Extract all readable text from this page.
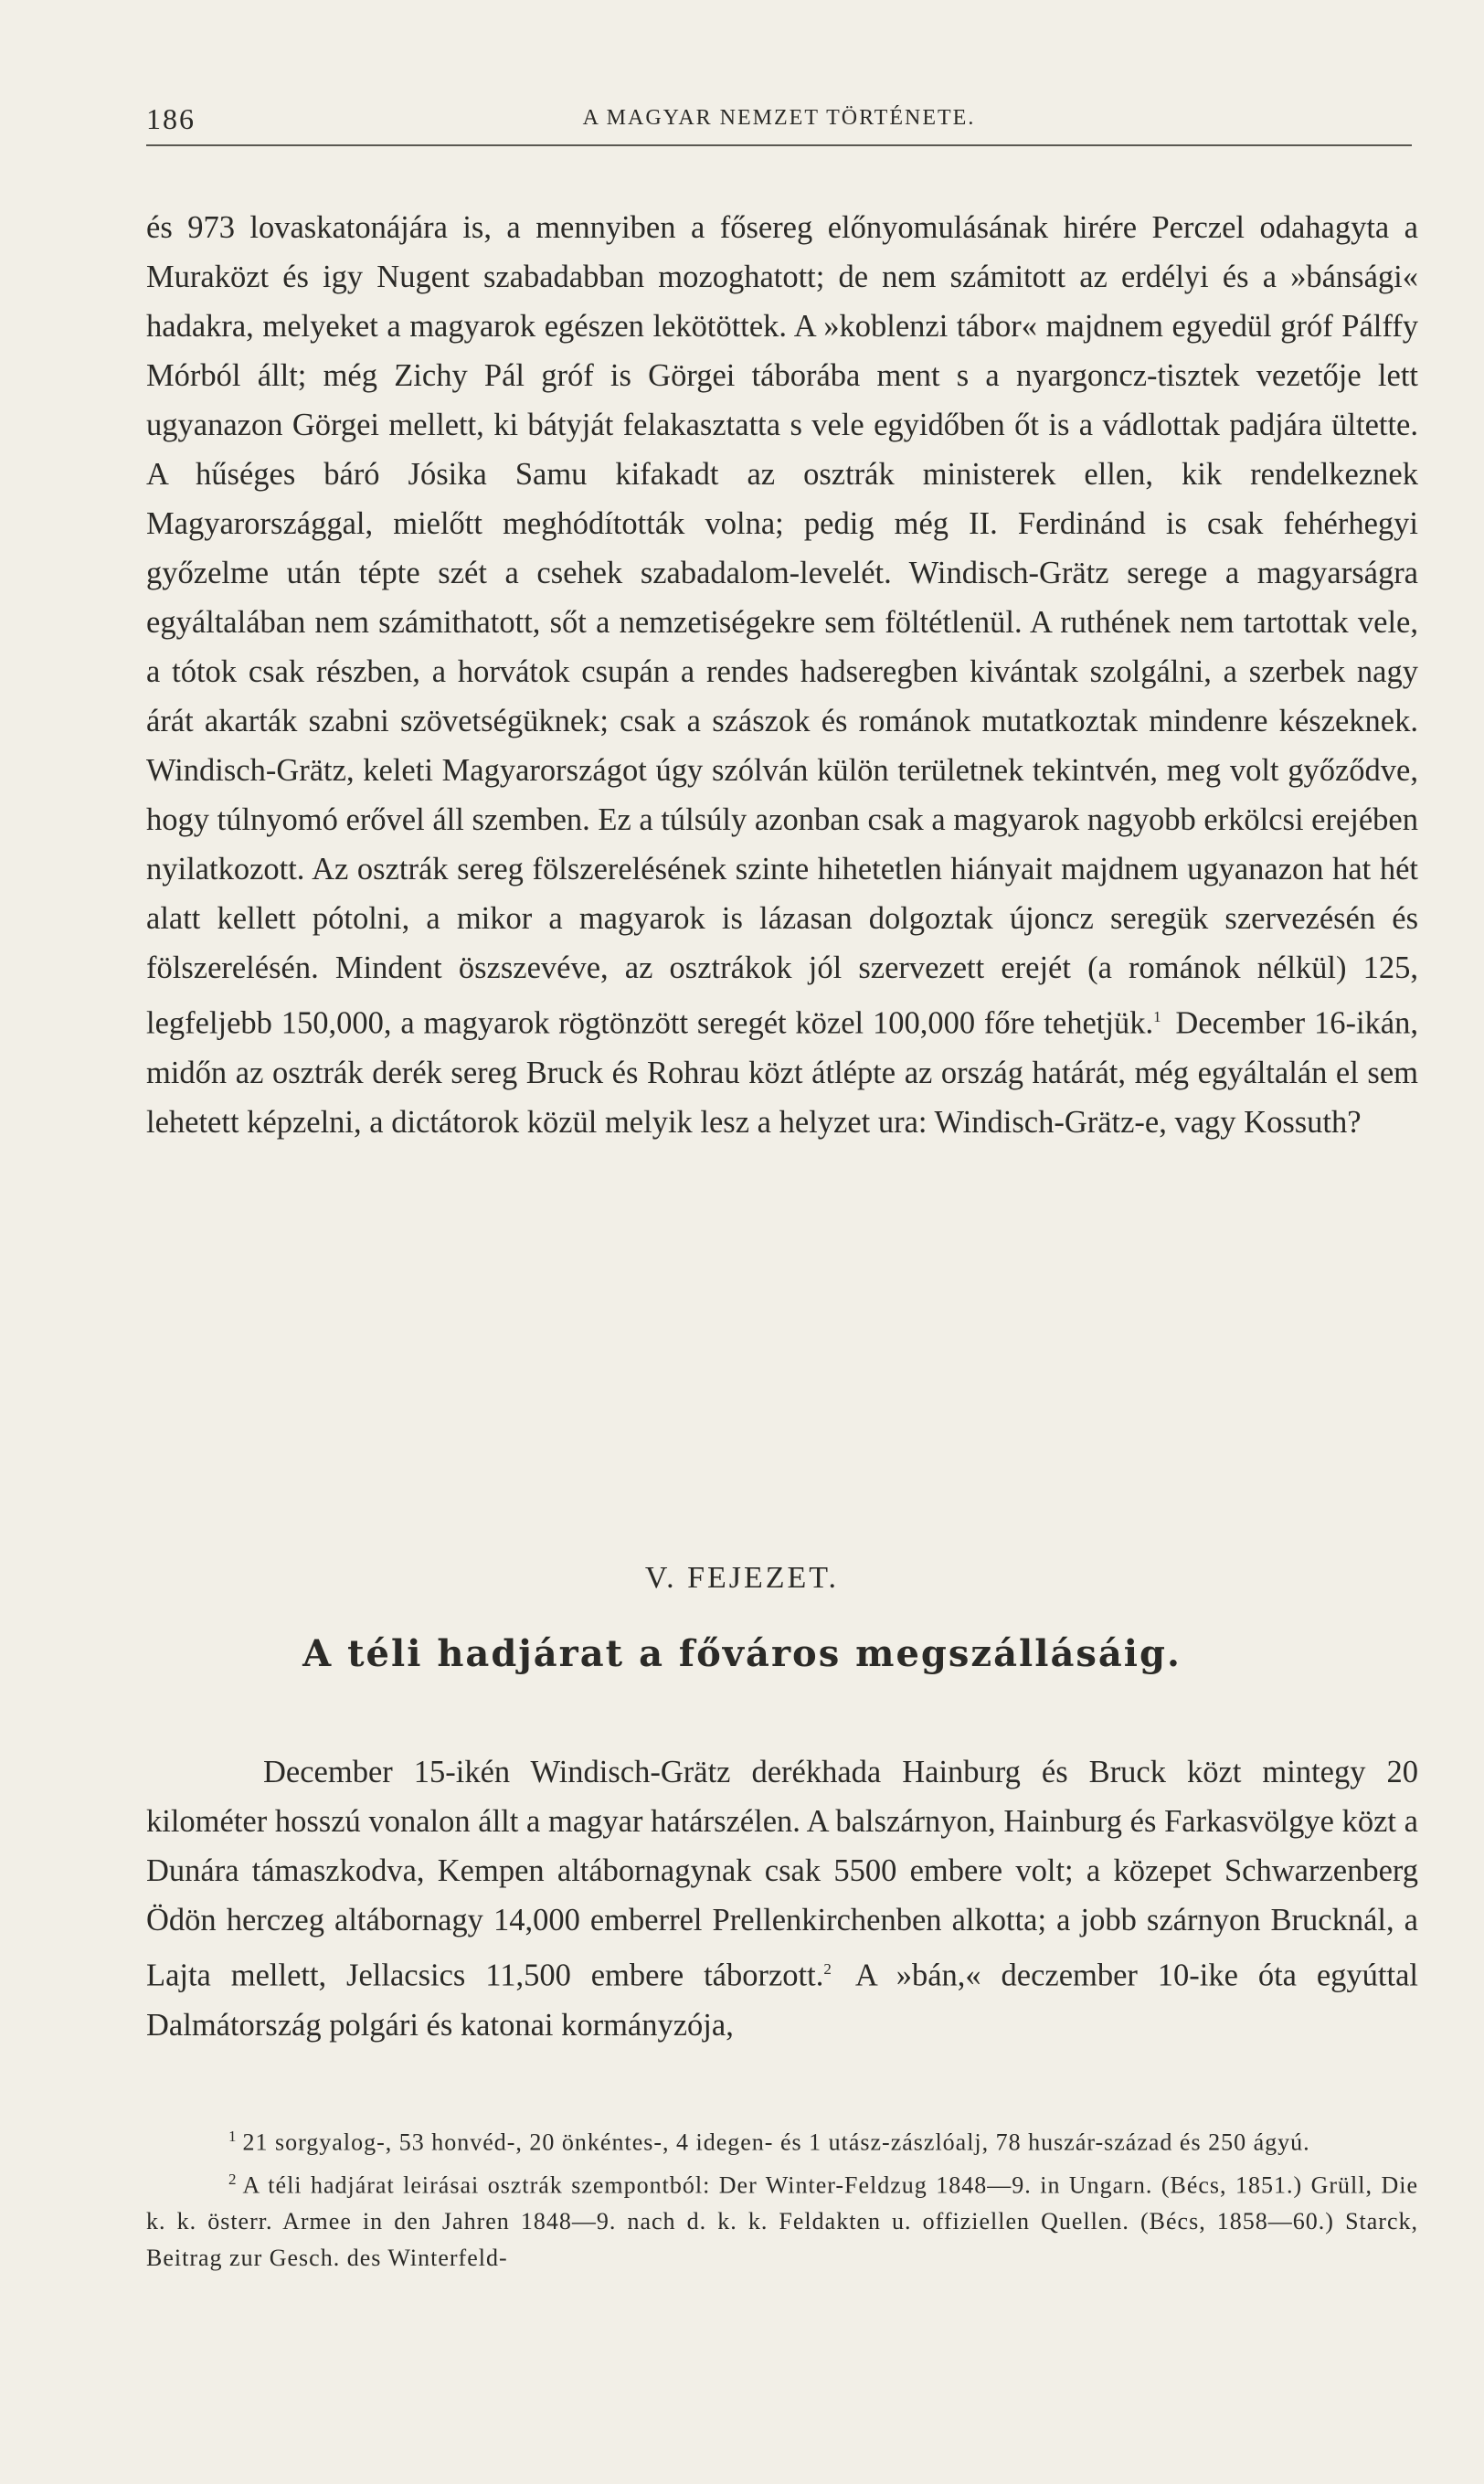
186	A MAGYAR NEMZET TÖRTÉNETE.

és 973 lovaskatonájára is, a mennyiben a fősereg előnyomulásának hirére Perczel odahagyta a Muraközt és igy Nugent szabadabban mozoghatott; de nem számitott az erdélyi és a »bánsági« hadakra, melyeket a magyarok egészen lekötöttek. A »koblenzi tábor« majdnem egyedül gróf Pálffy Mórból állt; még Zichy Pál gróf is Görgei táborába ment s a nyargoncz-tisztek vezetője lett ugyanazon Görgei mellett, ki bátyját felakasztatta s vele egyidőben őt is a vádlottak padjára ültette. A hűséges báró Jósika Samu kifakadt az osztrák ministerek ellen, kik rendelkeznek Magyarországgal, mielőtt meghódították volna; pedig még II. Ferdinánd is csak fehérhegyi győzelme után tépte szét a csehek szabadalom-levelét. Windisch-Grätz serege a magyarságra egyáltalában nem számithatott, sőt a nemzetiségekre sem föltétlenül. A ruthének nem tartottak vele, a tótok csak részben, a horvátok csupán a rendes hadseregben kivántak szolgálni, a szerbek nagy árát akarták szabni szövetségüknek; csak a szászok és románok mutatkoztak mindenre készeknek. Windisch-Grätz, keleti Magyarországot úgy szólván külön területnek tekintvén, meg volt győződve, hogy túlnyomó erővel áll szemben. Ez a túlsúly azonban csak a magyarok nagyobb erkölcsi erejében nyilatkozott. Az osztrák sereg fölszerelésének szinte hihetetlen hiányait majdnem ugyanazon hat hét alatt kellett pótolni, a mikor a magyarok is lázasan dolgoztak újoncz seregük szervezésén és fölszerelésén. Mindent öszszevéve, az osztrákok jól szervezett erejét (a románok nélkül) 125, legfeljebb 150,000, a magyarok rögtönzött seregét közel 100,000 főre tehetjük.$^1$ December 16-ikán, midőn az osztrák derék sereg Bruck és Rohrau közt átlépte az ország határát, még egyáltalán el sem lehetett képzelni, a dictátorok közül melyik lesz a helyzet ura: Windisch-Grätz-e, vagy Kossuth?

V. FEJEZET.
A téli hadjárat a főváros megszállásáig.

December 15-ikén Windisch-Grätz derékhada Hainburg és Bruck közt mintegy 20 kilométer hosszú vonalon állt a magyar határszélen. A balszárnyon, Hainburg és Farkasvölgye közt a Dunára támaszkodva, Kempen altábornagynak csak 5500 embere volt; a közepet Schwarzenberg Ödön herczeg altábornagy 14,000 emberrel Prellenkirchenben alkotta; a jobb szárnyon Brucknál, a Lajta mellett, Jellacsics 11,500 embere táborzott.$^2$ A »bán,« deczember 10-ike óta egyúttal Dalmátország polgári és katonai kormányzója,

$^1$ 21 sorgyalog-, 53 honvéd-, 20 önkéntes-, 4 idegen- és 1 utász-zászlóalj, 78 huszár-század és 250 ágyú.

$^2$ A téli hadjárat leirásai osztrák szempontból: Der Winter-Feldzug 1848—9. in Ungarn. (Bécs, 1851.) Grüll, Die k. k. österr. Armee in den Jahren 1848—9. nach d. k. k. Feldakten u. offiziellen Quellen. (Bécs, 1858—60.) Starck, Beitrag zur Gesch. des Winterfeld-
